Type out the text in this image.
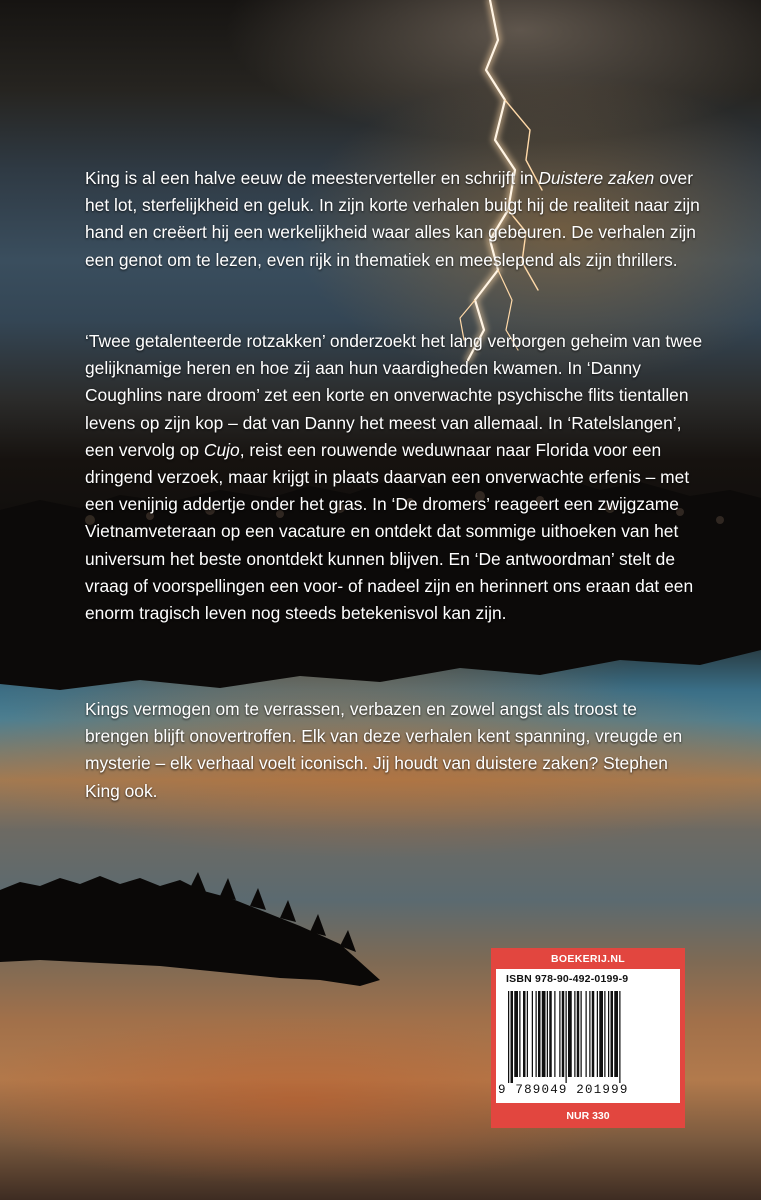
King is al een halve eeuw de meesterverteller en schrijft in Duistere zaken over het lot, sterfelijkheid en geluk. In zijn korte verhalen buigt hij de realiteit naar zijn hand en creëert hij een werkelijkheid waar alles kan gebeuren. De verhalen zijn een genot om te lezen, even rijk in thematiek en meeslepend als zijn thrillers.

‘Twee getalenteerde rotzakken’ onderzoekt het lang verborgen geheim van twee gelijknamige heren en hoe zij aan hun vaardigheden kwamen. In ‘Danny Coughlins nare droom’ zet een korte en onverwachte psychische flits tientallen levens op zijn kop – dat van Danny het meest van allemaal. In ‘Ratelslangen’, een vervolg op Cujo, reist een rouwende weduwnaar naar Florida voor een dringend verzoek, maar krijgt in plaats daarvan een onverwachte erfenis – met een venijnig addertje onder het gras. In ‘De dromers’ reageert een zwijgzame Vietnamveteraan op een vacature en ontdekt dat sommige uithoeken van het universum het beste onontdekt kunnen blijven. En ‘De antwoordman’ stelt de vraag of voorspellingen een voor- of nadeel zijn en herinnert ons eraan dat een enorm tragisch leven nog steeds betekenisvol kan zijn.

Kings vermogen om te verrassen, verbazen en zowel angst als troost te brengen blijft onovertroffen. Elk van deze verhalen kent spanning, vreugde en mysterie – elk verhaal voelt iconisch. Jij houdt van duistere zaken? Stephen King ook.

BOEKERIJ.NL
ISBN 978-90-492-0199-9
9 789049 201999
NUR 330
